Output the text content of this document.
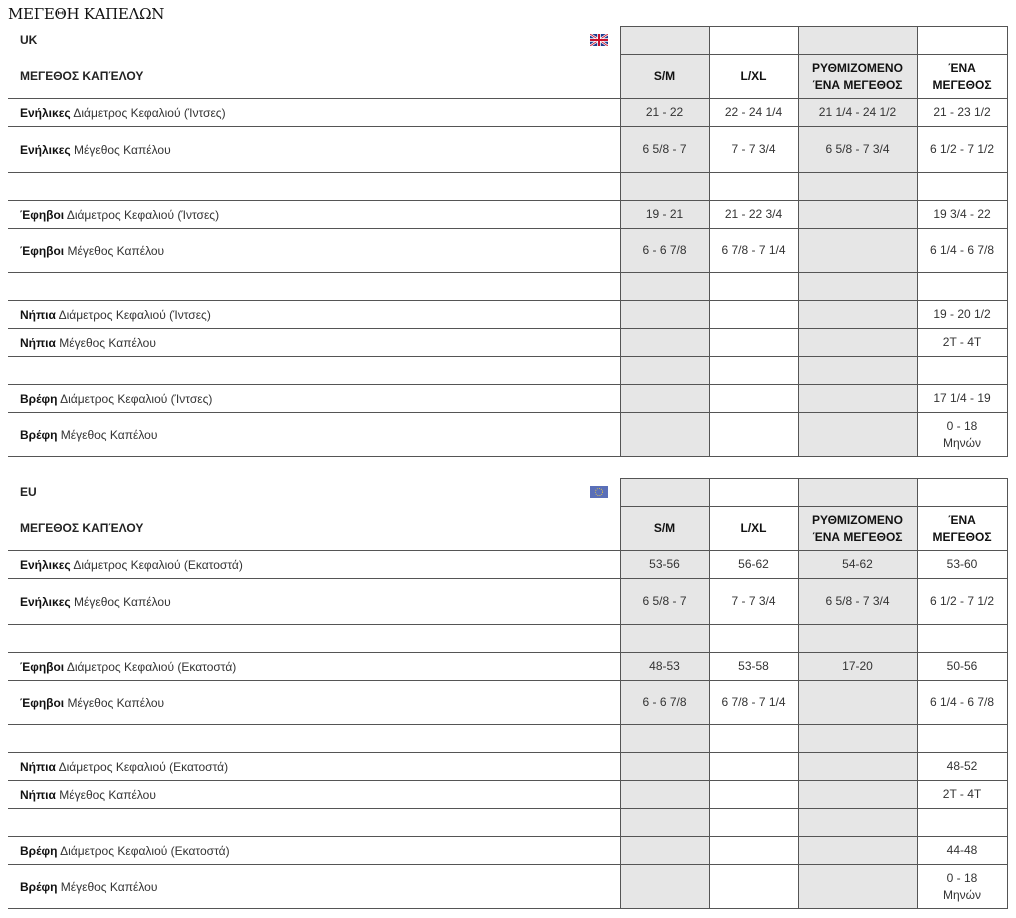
ΜΕΓΕΘΗ ΚΑΠΕΛΩΝ
UK

ΜΕΓΕΘΟΣ ΚΑΠΈΛΟΥ	S/M	L/XL	ΡΥΘΜΙΖΟΜΕΝΟ ΈΝΑ ΜΕΓΕΘΟΣ	ΈΝΑ ΜΕΓΕΘΟΣ
Ενήλικες Διάμετρος Κεφαλιού (Ίντσες)	21 - 22	22 - 24 1/4	21 1/4 - 24 1/2	21 - 23 1/2
Ενήλικες Μέγεθος Καπέλου	6 5/8 - 7	7 - 7 3/4	6 5/8 - 7 3/4	6 1/2 - 7 1/2

Έφηβοι Διάμετρος Κεφαλιού (Ίντσες)	19 - 21	21 - 22 3/4		19 3/4 - 22
Έφηβοι Μέγεθος Καπέλου	6 - 6 7/8	6 7/8 - 7 1/4		6 1/4 - 6 7/8

Νήπια Διάμετρος Κεφαλιού (Ίντσες)				19 - 20 1/2
Νήπια Μέγεθος Καπέλου				2T - 4T

Βρέφη Διάμετρος Κεφαλιού (Ίντσες)				17 1/4 - 19
Βρέφη Μέγεθος Καπέλου				0 - 18 Μηνών
EU

ΜΕΓΕΘΟΣ ΚΑΠΈΛΟΥ	S/M	L/XL	ΡΥΘΜΙΖΟΜΕΝΟ ΈΝΑ ΜΕΓΕΘΟΣ	ΈΝΑ ΜΕΓΕΘΟΣ
Ενήλικες Διάμετρος Κεφαλιού (Εκατοστά)	53-56	56-62	54-62	53-60
Ενήλικες Μέγεθος Καπέλου	6 5/8 - 7	7 - 7 3/4	6 5/8 - 7 3/4	6 1/2 - 7 1/2

Έφηβοι Διάμετρος Κεφαλιού (Εκατοστά)	48-53	53-58	17-20	50-56
Έφηβοι Μέγεθος Καπέλου	6 - 6 7/8	6 7/8 - 7 1/4		6 1/4 - 6 7/8

Νήπια Διάμετρος Κεφαλιού (Εκατοστά)				48-52
Νήπια Μέγεθος Καπέλου				2T - 4T

Βρέφη Διάμετρος Κεφαλιού (Εκατοστά)				44-48
Βρέφη Μέγεθος Καπέλου				0 - 18 Μηνών
